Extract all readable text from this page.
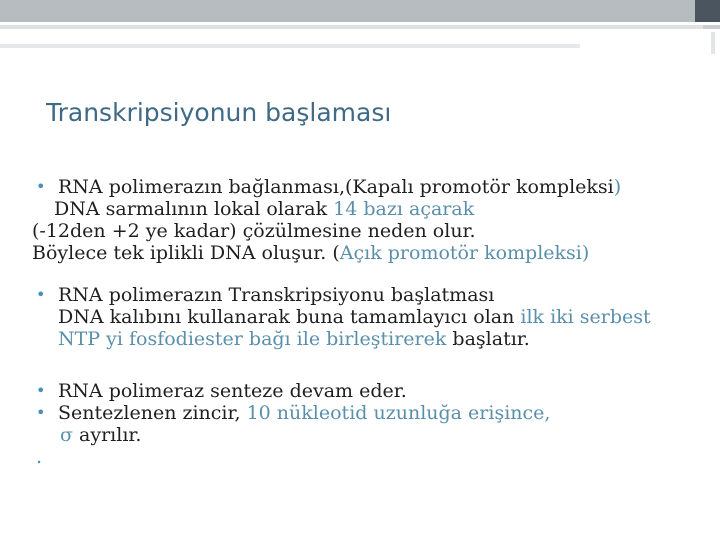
Transkripsiyonun başlaması
• RNA polimerazın bağlanması,(Kapalı promotör kompleksi)
DNA sarmalının lokal olarak 14 bazı açarak
(-12den +2 ye kadar) çözülmesine neden olur.
Böylece tek iplikli DNA oluşur. (Açık promotör kompleksi)
• RNA polimerazın Transkripsiyonu başlatması
DNA kalıbını kullanarak buna tamamlayıcı olan ilk iki serbest
NTP yi fosfodiester bağı ile birleştirerek başlatır.
• RNA polimeraz senteze devam eder.
• Sentezlenen zincir, 10 nükleotid uzunluğa erişince,
σ ayrılır.
.
